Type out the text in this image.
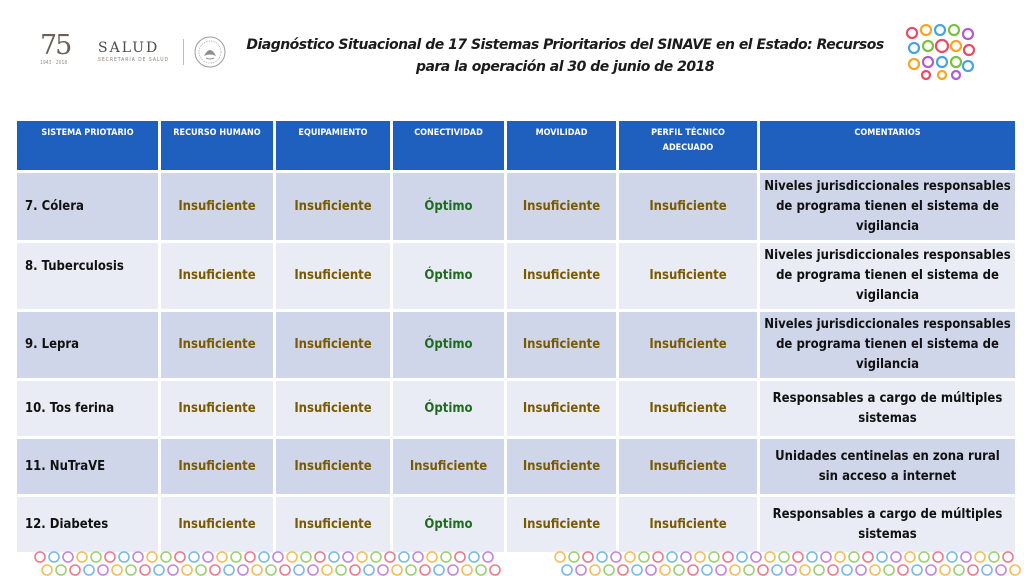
75
1943 · 2018
SALUD
SECRETARÍA DE SALUD
Diagnóstico Situacional de 17 Sistemas Prioritarios del SINAVE en el Estado: Recursos
para la operación al 30 de junio de 2018
SISTEMA PRIOTARIO	RECURSO HUMANO	EQUIPAMIENTO	CONECTIVIDAD	MOVILIDAD	PERFIL TÉCNICO
ADECUADO	COMENTARIOS

7. Cólera	Insuficiente	Insuficiente	Óptimo	Insuficiente	Insuficiente	Niveles jurisdiccionales responsables
de programa tienen el sistema de
vigilancia

8. Tuberculosis	Insuficiente	Insuficiente	Óptimo	Insuficiente	Insuficiente	Niveles jurisdiccionales responsables
de programa tienen el sistema de
vigilancia

9. Lepra	Insuficiente	Insuficiente	Óptimo	Insuficiente	Insuficiente	Niveles jurisdiccionales responsables
de programa tienen el sistema de
vigilancia

10. Tos ferina	Insuficiente	Insuficiente	Óptimo	Insuficiente	Insuficiente	Responsables a cargo de múltiples
sistemas

11. NuTraVE	Insuficiente	Insuficiente	Insuficiente	Insuficiente	Insuficiente	Unidades centinelas en zona rural
sin acceso a internet

12. Diabetes	Insuficiente	Insuficiente	Óptimo	Insuficiente	Insuficiente	Responsables a cargo de múltiples
sistemas
